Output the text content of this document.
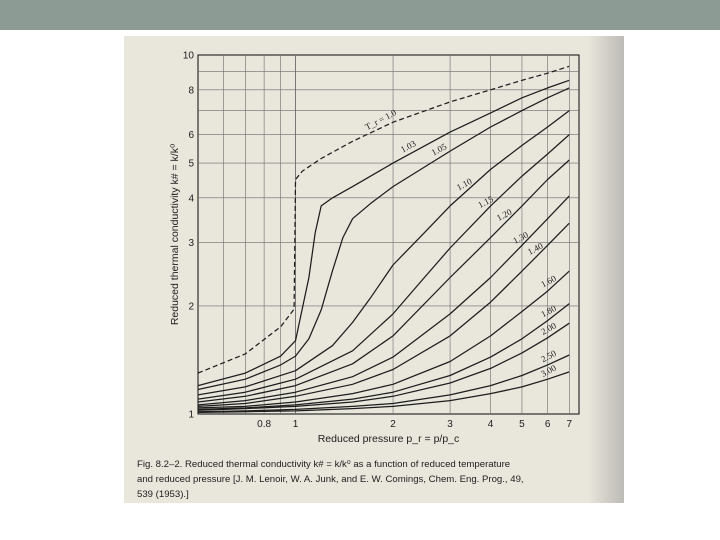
0.8 1	2	3	4	5 6 7
1
2
3
4
5
6
8
10
Reduced pressure p_r = p/p_c
Reduced thermal conductivity k# = k/k⁰
T_r = 1.0
1.03 1.05
1.10
1.15
1.20
1.30
1.40
1.60
1.80
2.00
2.50
3.00
Fig. 8.2–2. Reduced thermal conductivity k# = k/k⁰ as a function of reduced temperature
and reduced pressure [J. M. Lenoir, W. A. Junk, and E. W. Comings, Chem. Eng. Prog., 49,
539 (1953).]
